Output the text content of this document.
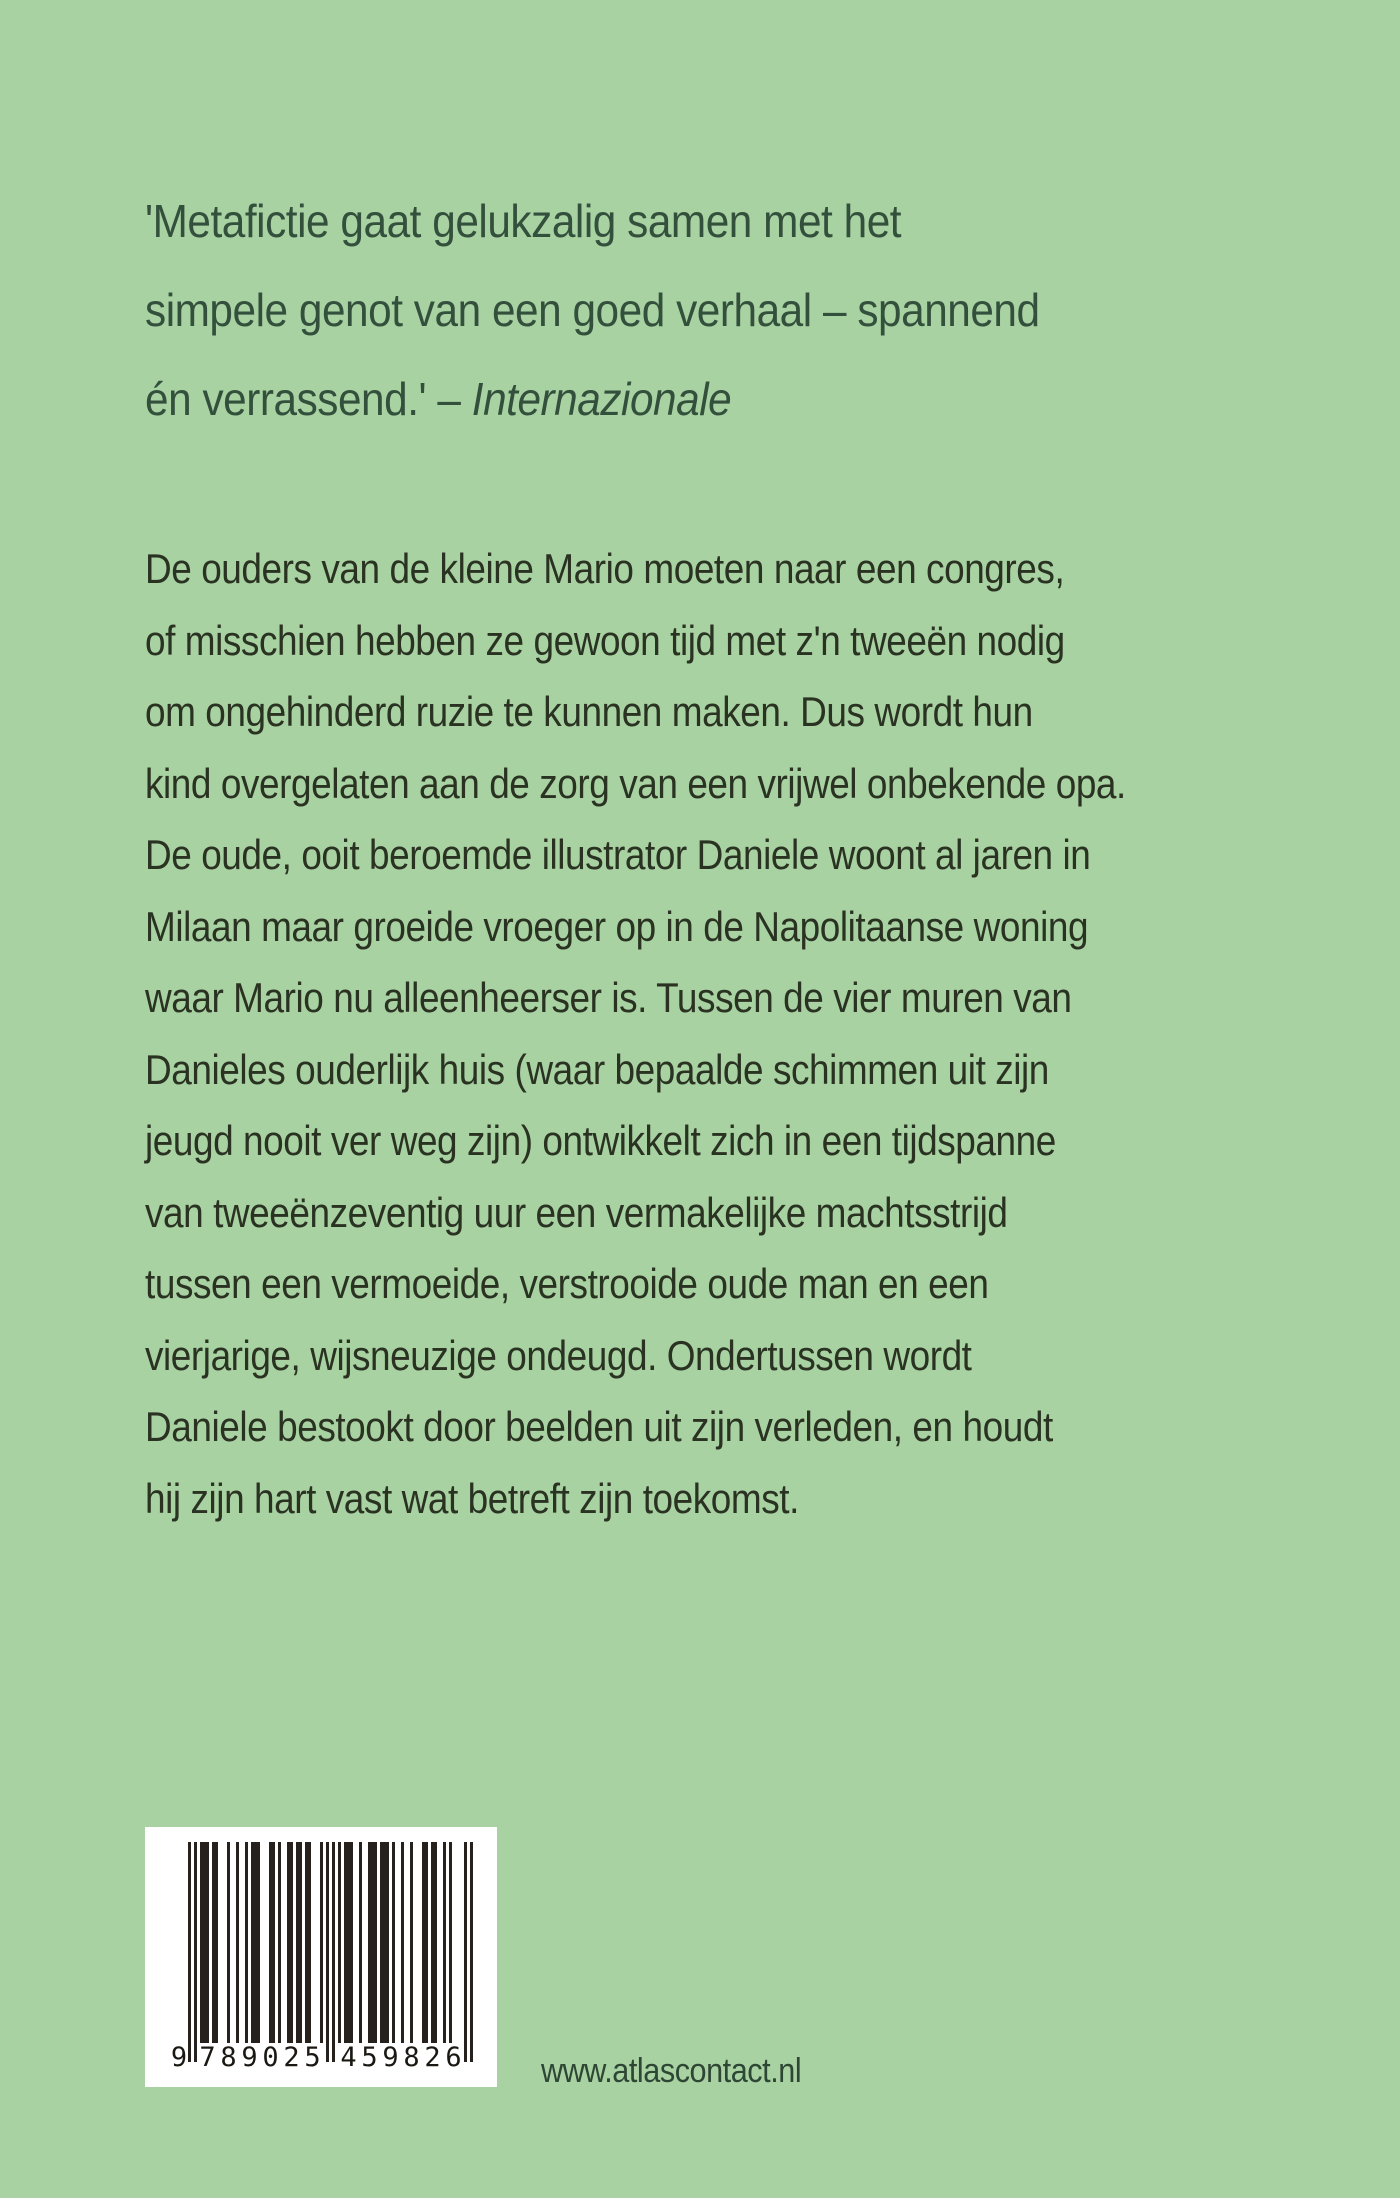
'Metafictie gaat gelukzalig samen met het
simpele genot van een goed verhaal – spannend
én verrassend.' – Internazionale
De ouders van de kleine Mario moeten naar een congres,
of misschien hebben ze gewoon tijd met z'n tweeën nodig
om ongehinderd ruzie te kunnen maken. Dus wordt hun
kind overgelaten aan de zorg van een vrijwel onbekende opa.
De oude, ooit beroemde illustrator Daniele woont al jaren in
Milaan maar groeide vroeger op in de Napolitaanse woning
waar Mario nu alleenheerser is. Tussen de vier muren van
Danieles ouderlijk huis (waar bepaalde schimmen uit zijn
jeugd nooit ver weg zijn) ontwikkelt zich in een tijdspanne
van tweeënzeventig uur een vermakelijke machtsstrijd
tussen een vermoeide, verstrooide oude man en een
vierjarige, wijsneuzige ondeugd. Ondertussen wordt
Daniele bestookt door beelden uit zijn verleden, en houdt
hij zijn hart vast wat betreft zijn toekomst.
9 7 8 9 0 2 5 4 5 9 8 2 6 www.atlascontact.nl
